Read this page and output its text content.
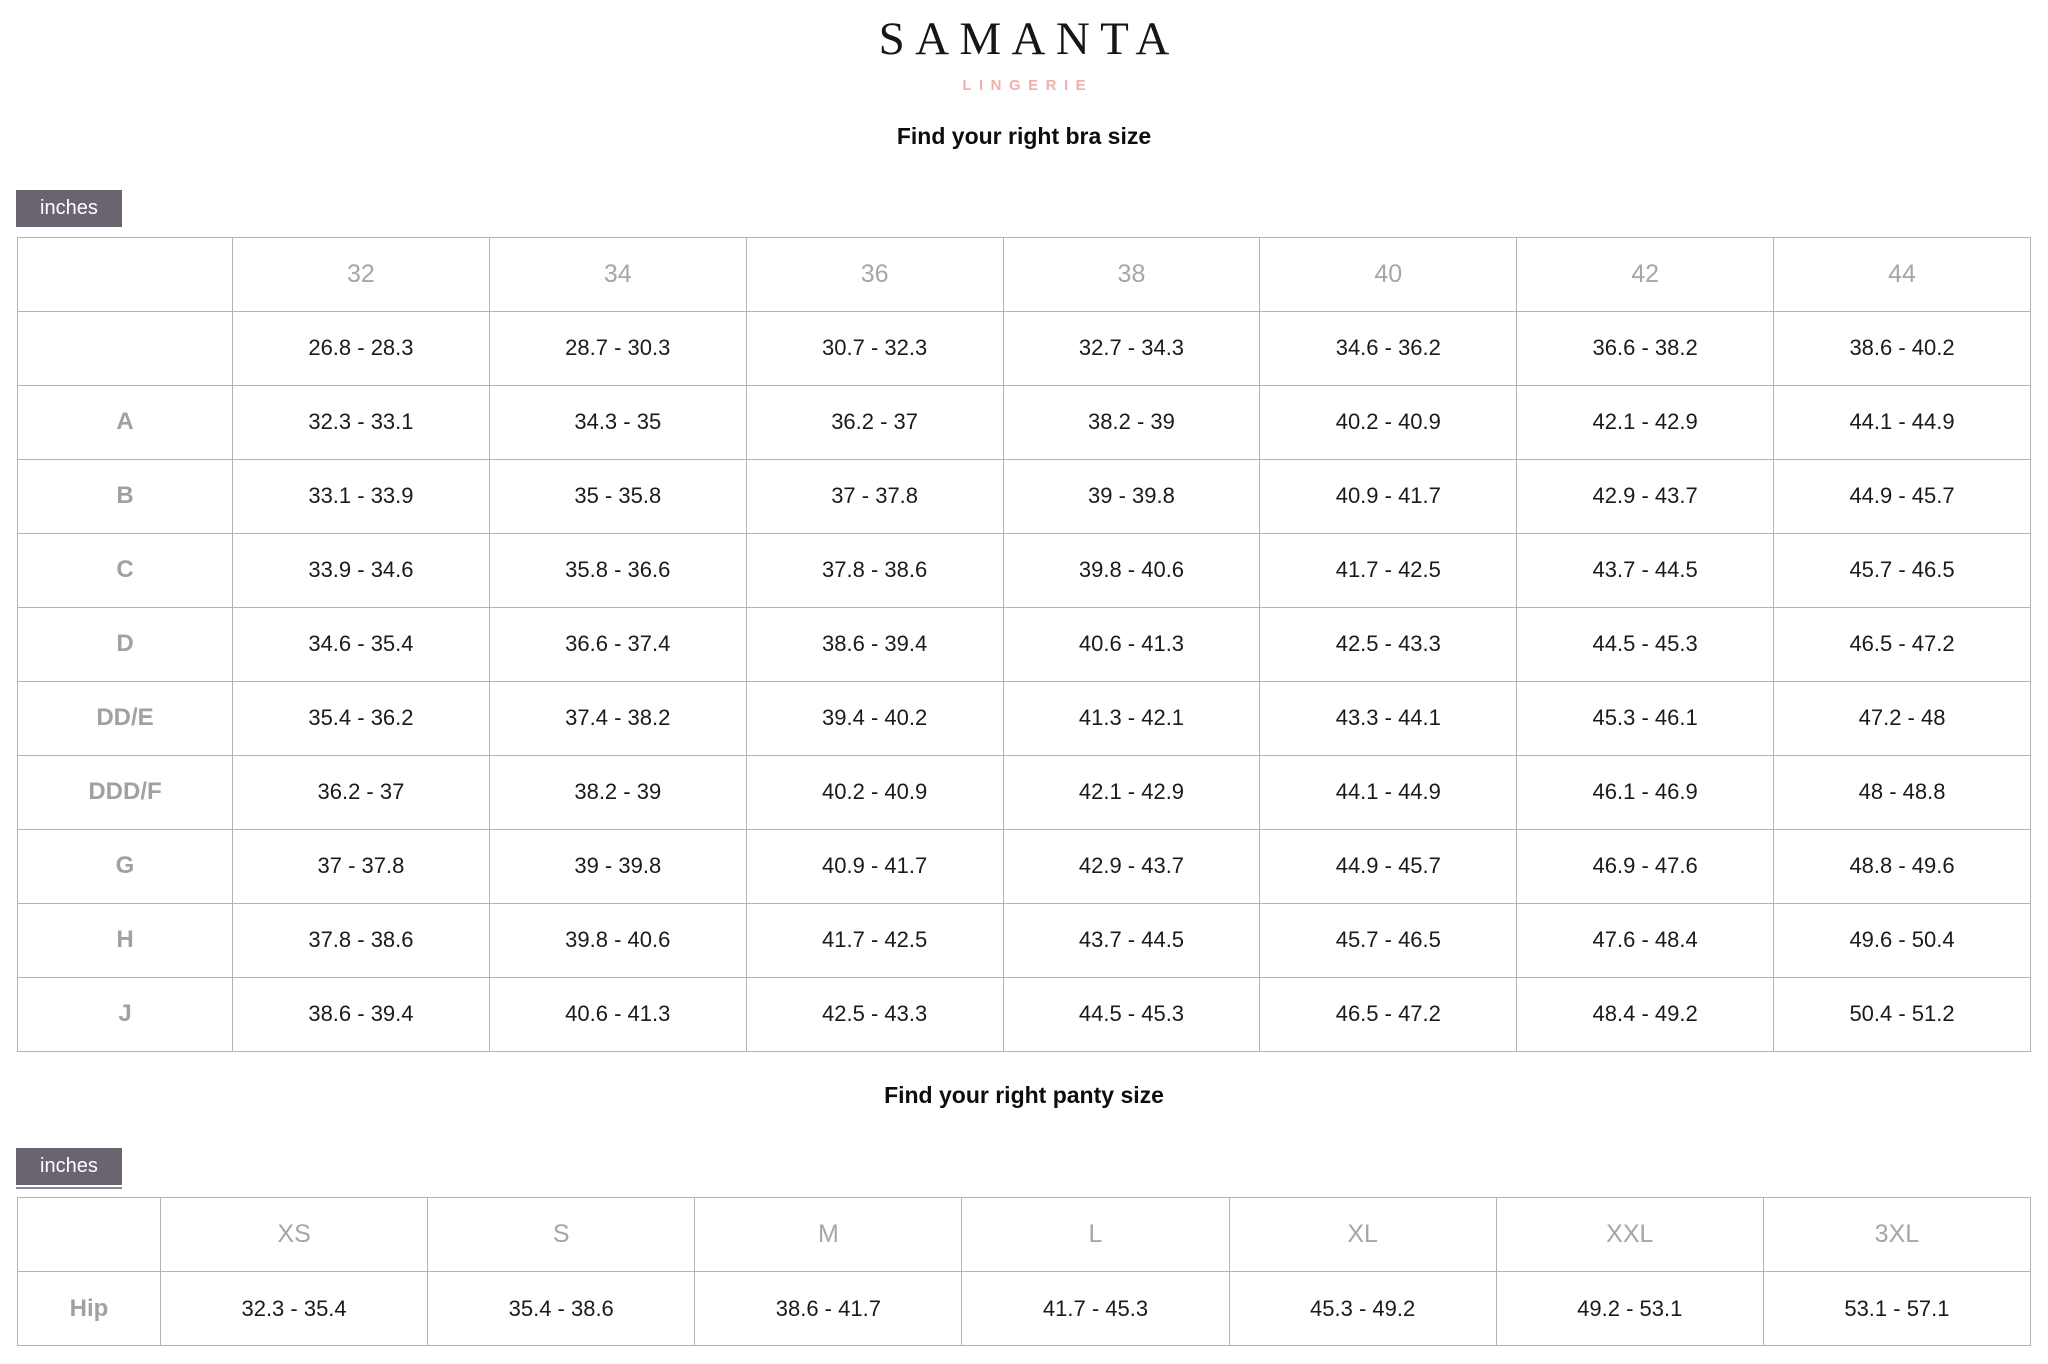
SAMANTA
LINGERIE
Find your right bra size
inches
	32	34	36	38	40	42	44
	26.8 - 28.3	28.7 - 30.3	30.7 - 32.3	32.7 - 34.3	34.6 - 36.2	36.6 - 38.2	38.6 - 40.2
A	32.3 - 33.1	34.3 - 35	36.2 - 37	38.2 - 39	40.2 - 40.9	42.1 - 42.9	44.1 - 44.9
B	33.1 - 33.9	35 - 35.8	37 - 37.8	39 - 39.8	40.9 - 41.7	42.9 - 43.7	44.9 - 45.7
C	33.9 - 34.6	35.8 - 36.6	37.8 - 38.6	39.8 - 40.6	41.7 - 42.5	43.7 - 44.5	45.7 - 46.5
D	34.6 - 35.4	36.6 - 37.4	38.6 - 39.4	40.6 - 41.3	42.5 - 43.3	44.5 - 45.3	46.5 - 47.2
DD/E	35.4 - 36.2	37.4 - 38.2	39.4 - 40.2	41.3 - 42.1	43.3 - 44.1	45.3 - 46.1	47.2 - 48
DDD/F	36.2 - 37	38.2 - 39	40.2 - 40.9	42.1 - 42.9	44.1 - 44.9	46.1 - 46.9	48 - 48.8
G	37 - 37.8	39 - 39.8	40.9 - 41.7	42.9 - 43.7	44.9 - 45.7	46.9 - 47.6	48.8 - 49.6
H	37.8 - 38.6	39.8 - 40.6	41.7 - 42.5	43.7 - 44.5	45.7 - 46.5	47.6 - 48.4	49.6 - 50.4
J	38.6 - 39.4	40.6 - 41.3	42.5 - 43.3	44.5 - 45.3	46.5 - 47.2	48.4 - 49.2	50.4 - 51.2
Find your right panty size
inches
	XS	S	M	L	XL	XXL	3XL
Hip	32.3 - 35.4	35.4 - 38.6	38.6 - 41.7	41.7 - 45.3	45.3 - 49.2	49.2 - 53.1	53.1 - 57.1
